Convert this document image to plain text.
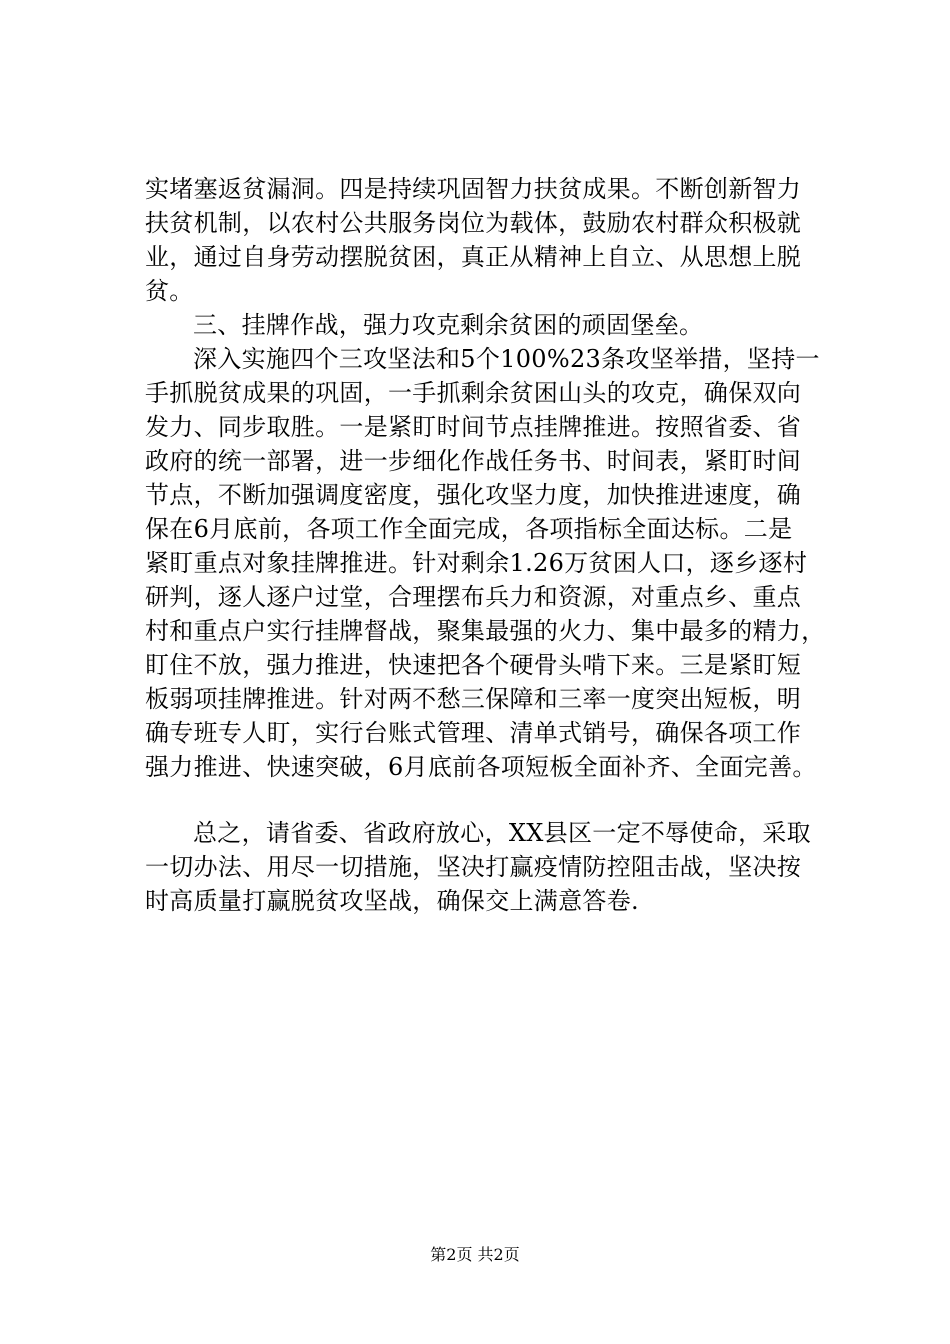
实堵塞返贫漏洞。四是持续巩固智力扶贫成果。不断创新智力
扶贫机制，以农村公共服务岗位为载体，鼓励农村群众积极就
业，通过自身劳动摆脱贫困，真正从精神上自立、从思想上脱
贫。
三、挂牌作战，强力攻克剩余贫困的顽固堡垒。
深入实施四个三攻坚法和5个100%23条攻坚举措，坚持一
手抓脱贫成果的巩固，一手抓剩余贫困山头的攻克，确保双向
发力、同步取胜。一是紧盯时间节点挂牌推进。按照省委、省
政府的统一部署，进一步细化作战任务书、时间表，紧盯时间
节点，不断加强调度密度，强化攻坚力度，加快推进速度，确
保在6月底前，各项工作全面完成，各项指标全面达标。二是
紧盯重点对象挂牌推进。针对剩余1.26万贫困人口，逐乡逐村
研判，逐人逐户过堂，合理摆布兵力和资源，对重点乡、重点
村和重点户实行挂牌督战，聚集最强的火力、集中最多的精力，
盯住不放，强力推进，快速把各个硬骨头啃下来。三是紧盯短
板弱项挂牌推进。针对两不愁三保障和三率一度突出短板，明
确专班专人盯，实行台账式管理、清单式销号，确保各项工作
强力推进、快速突破，6月底前各项短板全面补齐、全面完善。
总之，请省委、省政府放心，XX县区一定不辱使命，采取
一切办法、用尽一切措施，坚决打赢疫情防控阻击战，坚决按
时高质量打赢脱贫攻坚战，确保交上满意答卷.
第2页 共2页
